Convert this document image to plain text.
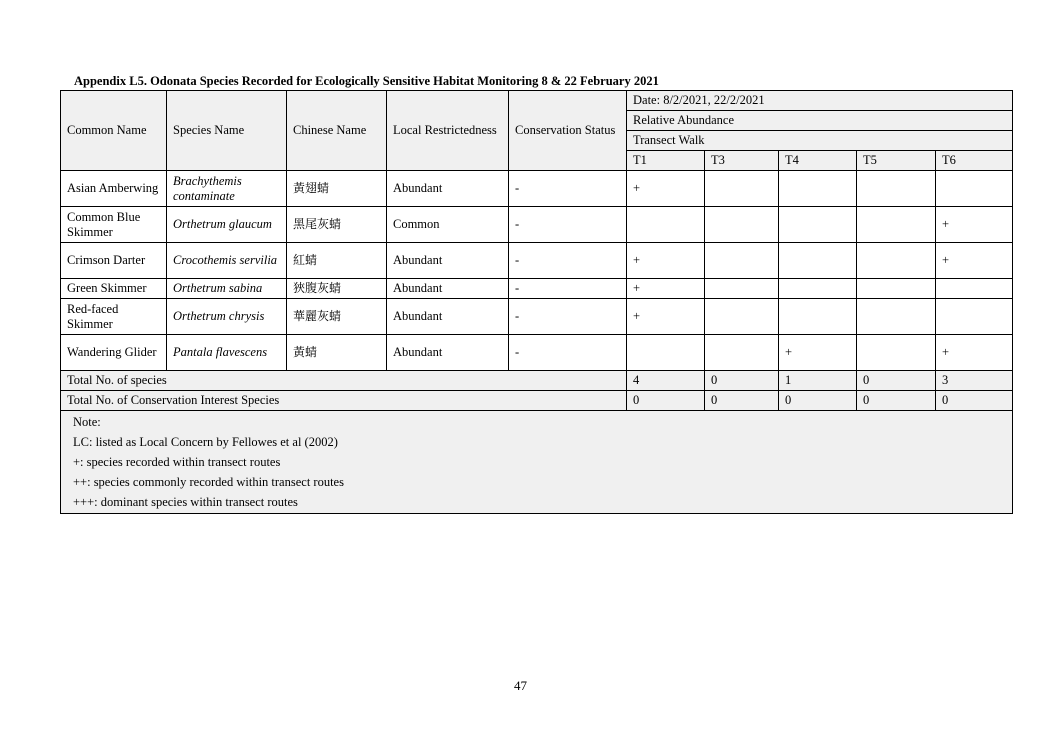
Appendix L5. Odonata Species Recorded for Ecologically Sensitive Habitat Monitoring 8 & 22 February 2021
Common Name	Species Name	Chinese Name	Local Restrictedness	Conservation Status	Date: 8/2/2021, 22/2/2021				
					Relative Abundance				
					Transect Walk				
					T1	T3	T4	T5	T6
Asian Amberwing	Brachythemis contaminate	黃翅蜻	Abundant	-	+				
Common Blue Skimmer	Orthetrum glaucum	黑尾灰蜻	Common	-					+
Crimson Darter	Crocothemis servilia	紅蜻	Abundant	-	+				+
Green Skimmer	Orthetrum sabina	狹腹灰蜻	Abundant	-	+				
Red-faced Skimmer	Orthetrum chrysis	華麗灰蜻	Abundant	-	+				
Wandering Glider	Pantala flavescens	黃蜻	Abundant	-			+		+
Total No. of species					4	0	1	0	3
Total No. of Conservation Interest Species					0	0	0	0	0

Note:
LC: listed as Local Concern by Fellowes et al (2002)
+: species recorded within transect routes
++: species commonly recorded within transect routes
+++: dominant species within transect routes									
47
